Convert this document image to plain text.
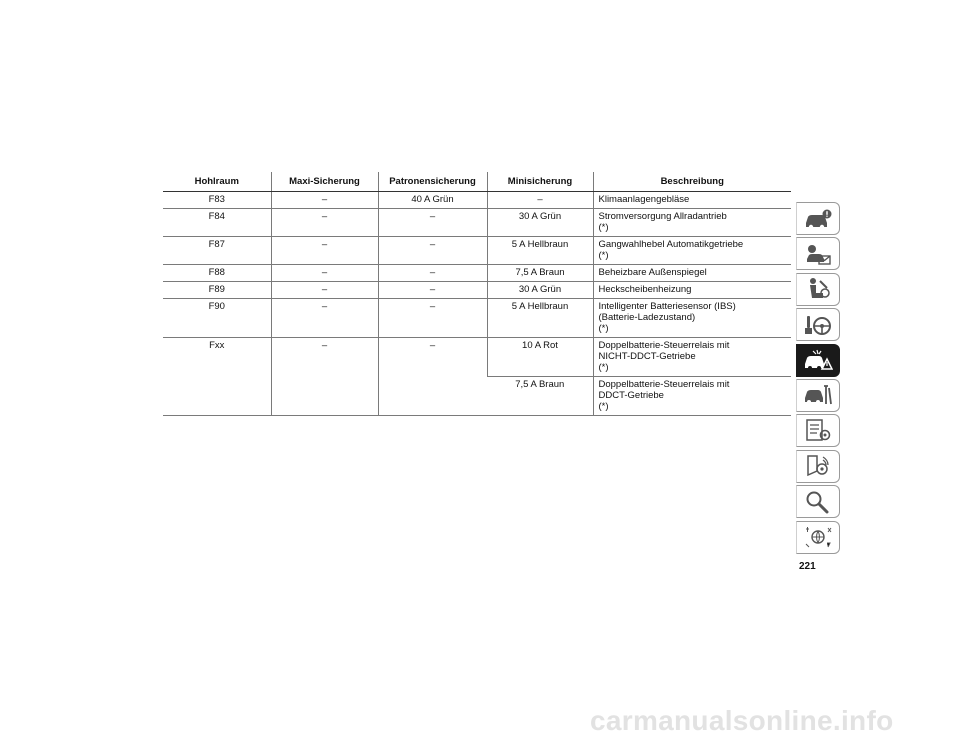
Hohlraum	Maxi-Sicherung	Patronensicherung	Minisicherung	Beschreibung
F83	–	40 A Grün	–	Klimaanlagengebläse
F84	–	–	30 A Grün	Stromversorgung Allradantrieb
(*)
F87	–	–	5 A Hellbraun	Gangwahlhebel Automatikgetriebe
(*)
F88	–	–	7,5 A Braun	Beheizbare Außenspiegel
F89	–	–	30 A Grün	Heckscheibenheizung
F90	–	–	5 A Hellbraun	Intelligenter Batteriesensor (IBS)
(Batterie-Ladezustand)
(*)
Fxx	–	–	10 A Rot	Doppelbatterie-Steuerrelais mit
NICHT-DDCT-Getriebe
(*)
			7,5 A Braun	Doppelbatterie-Steuerrelais mit
DDCT-Getriebe
(*)
221
carmanualsonline.info
